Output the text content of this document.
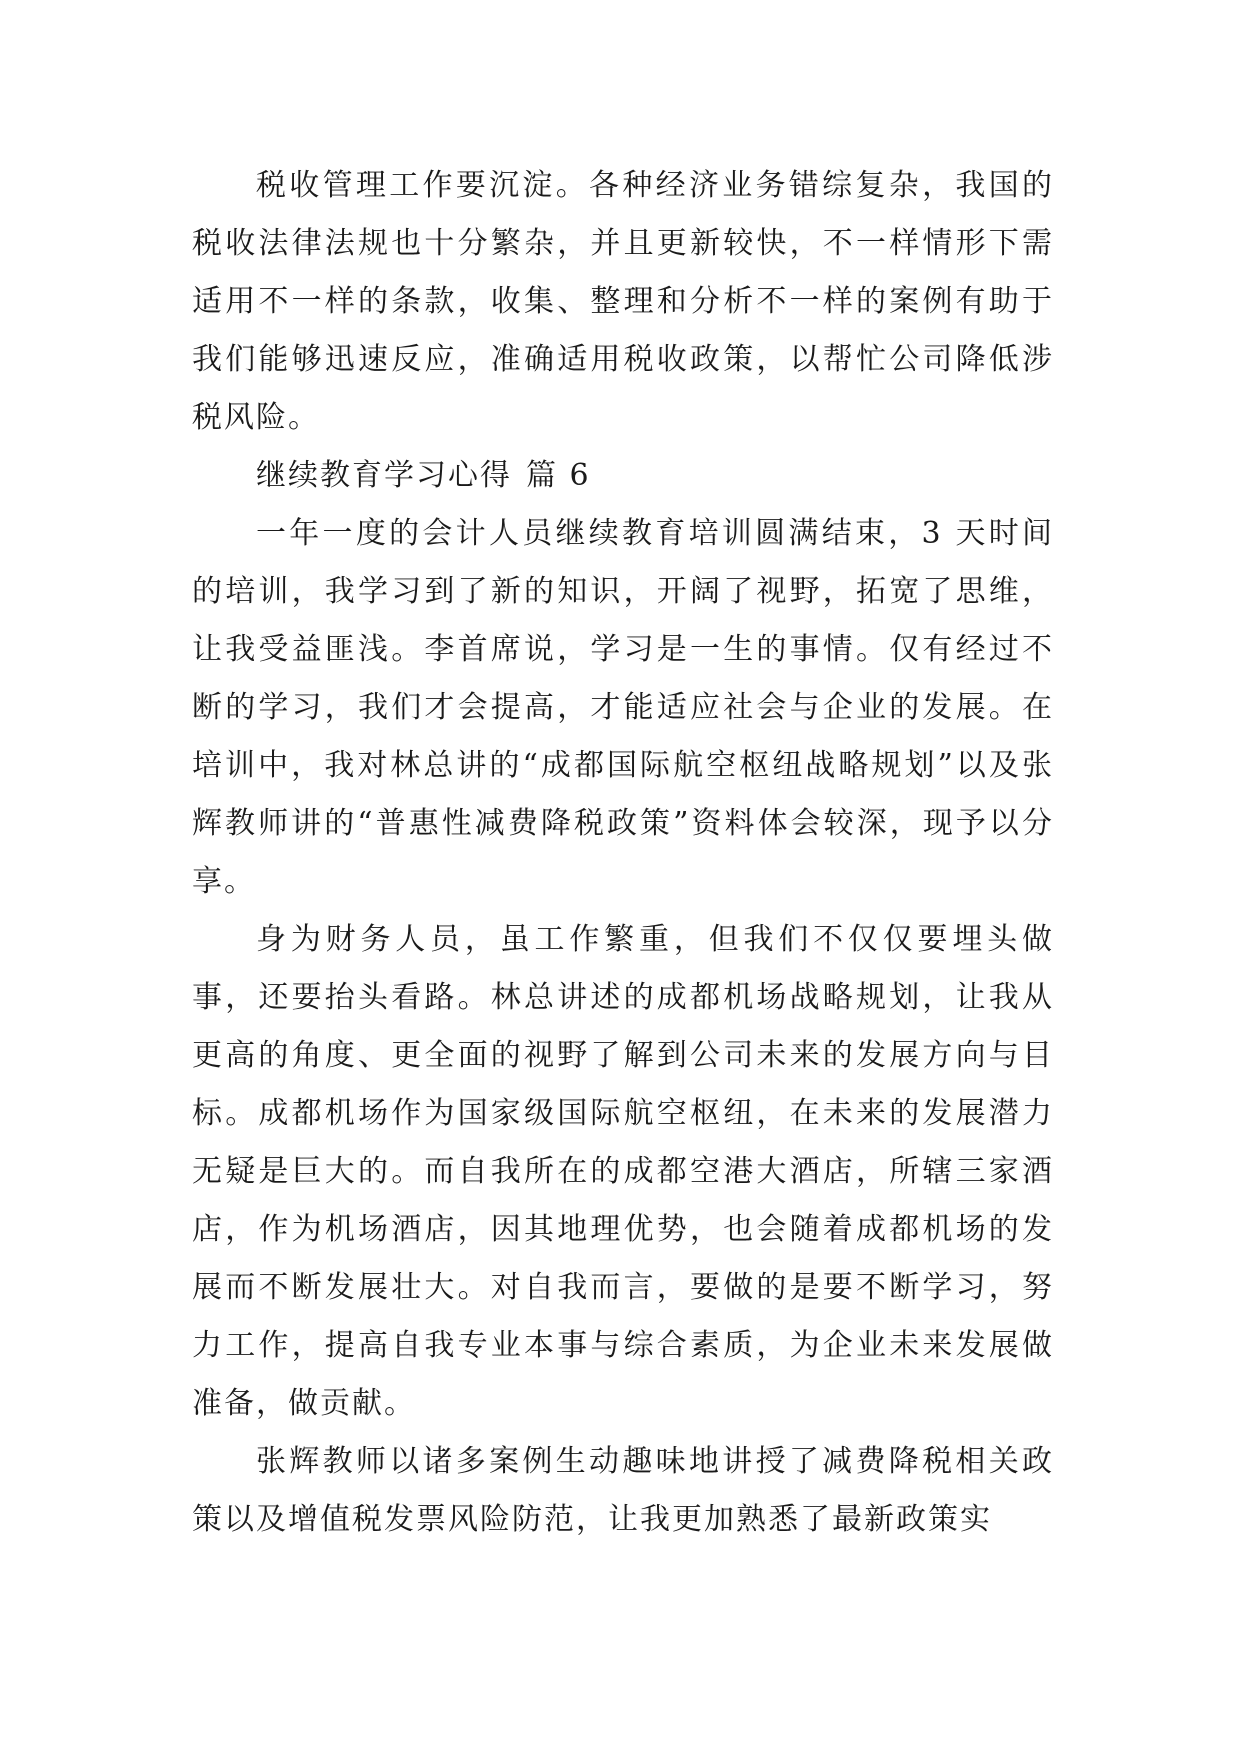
税收管理工作要沉淀。各种经济业务错综复杂，我国的税收法律法规也十分繁杂，并且更新较快，不一样情形下需适用不一样的条款，收集、整理和分析不一样的案例有助于我们能够迅速反应，准确适用税收政策，以帮忙公司降低涉税风险。

继续教育学习心得 篇 6

一年一度的会计人员继续教育培训圆满结束，3 天时间的培训，我学习到了新的知识，开阔了视野，拓宽了思维，让我受益匪浅。李首席说，学习是一生的事情。仅有经过不断的学习，我们才会提高，才能适应社会与企业的发展。在培训中，我对林总讲的“成都国际航空枢纽战略规划”以及张辉教师讲的“普惠性减费降税政策”资料体会较深，现予以分享。

身为财务人员，虽工作繁重，但我们不仅仅要埋头做事，还要抬头看路。林总讲述的成都机场战略规划，让我从更高的角度、更全面的视野了解到公司未来的发展方向与目标。成都机场作为国家级国际航空枢纽，在未来的发展潜力无疑是巨大的。而自我所在的成都空港大酒店，所辖三家酒店，作为机场酒店，因其地理优势，也会随着成都机场的发展而不断发展壮大。对自我而言，要做的是要不断学习，努力工作，提高自我专业本事与综合素质，为企业未来发展做准备，做贡献。

张辉教师以诸多案例生动趣味地讲授了减费降税相关政策以及增值税发票风险防范，让我更加熟悉了最新政策实
